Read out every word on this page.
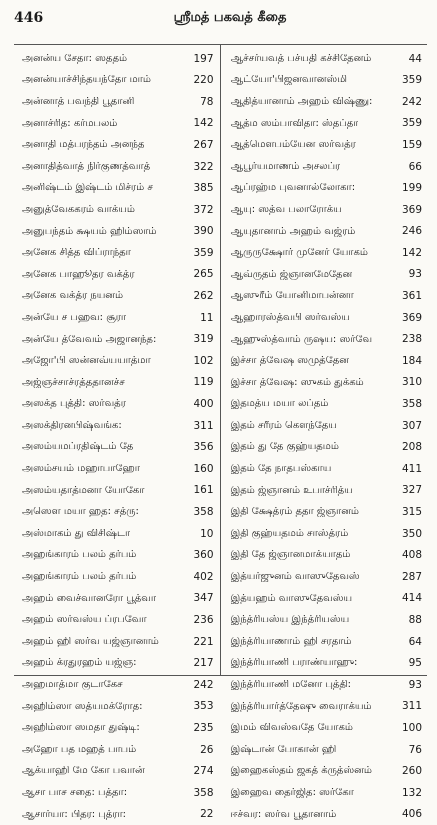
446	ஸ்ரீமத் பகவத் கீதை
அனன்ய சேதா: ஸததம்	197
அனன்யாச்சிந்தயந்தோ மாம்	220
அன்னாத் பவந்தி பூதானி	78
அனாச்ரித: கர்மபலம்	142
அனாதி மத்பரந்தம் அனந்த	267
அனாதித்வாத் நிர்குணத்வாத்	322
அனிஷ்டம் இஷ்டம் மிச்ரம் ச	385
அனுத்வேககரம் வாக்யம்	372
அனுபந்தம் க்ஷயம் ஹிம்ஸாம்	390
அனேக சித்த விப்ராந்தா	359
அனேக பாஹூதர வக்த்ர	265
அனேக வக்த்ர நயனம்	262
அன்யே ச பஹவ: சூரா	11
அன்யே த்வேவம் அஜானந்த:	319
அஜோ'பி ஸன்னவ்யயாத்மா	102
அஜ்ஞச்சாச்ரத்ததானச்ச	119
அஸக்த புத்தி: ஸர்வத்ர	400
அஸக்திரனபிஷ்வங்க:	311
அஸம்யமப்ரதிஷ்டம் தே	356
அஸம்சயம் மஹாபாஹோ	160
அஸம்யதாத்மனா யோகோ	161
அஸௌ மயா ஹத: சத்ரு:	358
அஸ்மாகம் து விசிஷ்டா	10
அஹங்காரம் பலம் தர்பம்	360
அஹங்காரம் பலம் தர்பம்	402
அஹம் வைச்வானரோ பூத்வா	347
அஹம் ஸர்வஸ்ய ப்ரபவோ	236
அஹம் ஹி ஸர்வ யஜ்ஞானாம்	221
அஹம் க்ரதுரஹம் யஜ்ஞ:	217
அஹமாத்மா குடாகேச	242
அஹிம்ஸா ஸத்யமக்ரோத:	353
அஹிம்ஸா ஸமதா துஷ்டி:	235
அஹோ பத மஹத் பாபம்	26
ஆக்யாஹி மே கோ பவான்	274
ஆசா பாச சதை: பத்தா:	358
ஆசார்யா: பிதர: புத்ரா:	22
ஆச்சர்யவத் பச்யதி கச்சிதேனம்	44
ஆட்யோ'பிஜனவானஸ்மி	359
ஆதித்யானாம் அஹம் விஷ்ணு:	242
ஆத்ம ஸம்பாவிதா: ஸ்தப்தா	359
ஆத்மௌபம்யேன ஸர்வத்ர	159
ஆபூர்யமாணம் அசலப்ர	66
ஆப்ரஹ்ம புவனால்லோகா:	199
ஆயு: ஸத்வ பலாரோக்ய	369
ஆயுதானாம் அஹம் வஜ்ரம்	246
ஆருருக்ஷோர் முனேர் யோகம்	142
ஆவ்ருதம் ஜ்ஞானமேதேன	93
ஆஸுரீம் யோனிமாபன்னா	361
ஆஹாரஸ்த்வபி ஸர்வஸ்ய	369
ஆஹுஸ்த்வாம் ருஷய: ஸர்வே	238
இச்சா த்வேஷ ஸமுத்தேன	184
இச்சா த்வேஷ: ஸுகம் துக்கம்	310
இதமத்ய மயா லப்தம்	358
இதம் சரீரம் கௌந்தேய	307
இதம் து தே குஹ்யதமம்	208
இதம் தே நாதபஸ்காய	411
இதம் ஜ்ஞானம் உபாச்ரித்ய	327
இதி க்ஷேத்ரம் ததா ஜ்ஞானம்	315
இதி குஹ்யதமம் சாஸ்த்ரம்	350
இதி தே ஜ்ஞானமாக்யாதம்	408
இத்யர்ஜுனம் வாஸுதேவஸ்	287
இத்யஹம் வாஸுதேவஸ்ய	414
இந்த்ரியஸ்ய இந்த்ரியஸ்ய	88
இந்த்ரியாணாம் ஹி சரதாம்	64
இந்த்ரியாணி பராண்யாஹு:	95
இந்த்ரியாணி மனோ புத்தி:	93
இந்த்ரியார்த்தேஷு வைராக்யம்	311
இமம் விவஸ்வதே யோகம்	100
இஷ்டான் போகான் ஹி	76
இஹைகஸ்தம் ஜகத் க்ருத்ஸ்னம்	260
இஹைவ தைர்ஜித: ஸர்கோ	132
ஈச்வர: ஸர்வ பூதானாம்	406
